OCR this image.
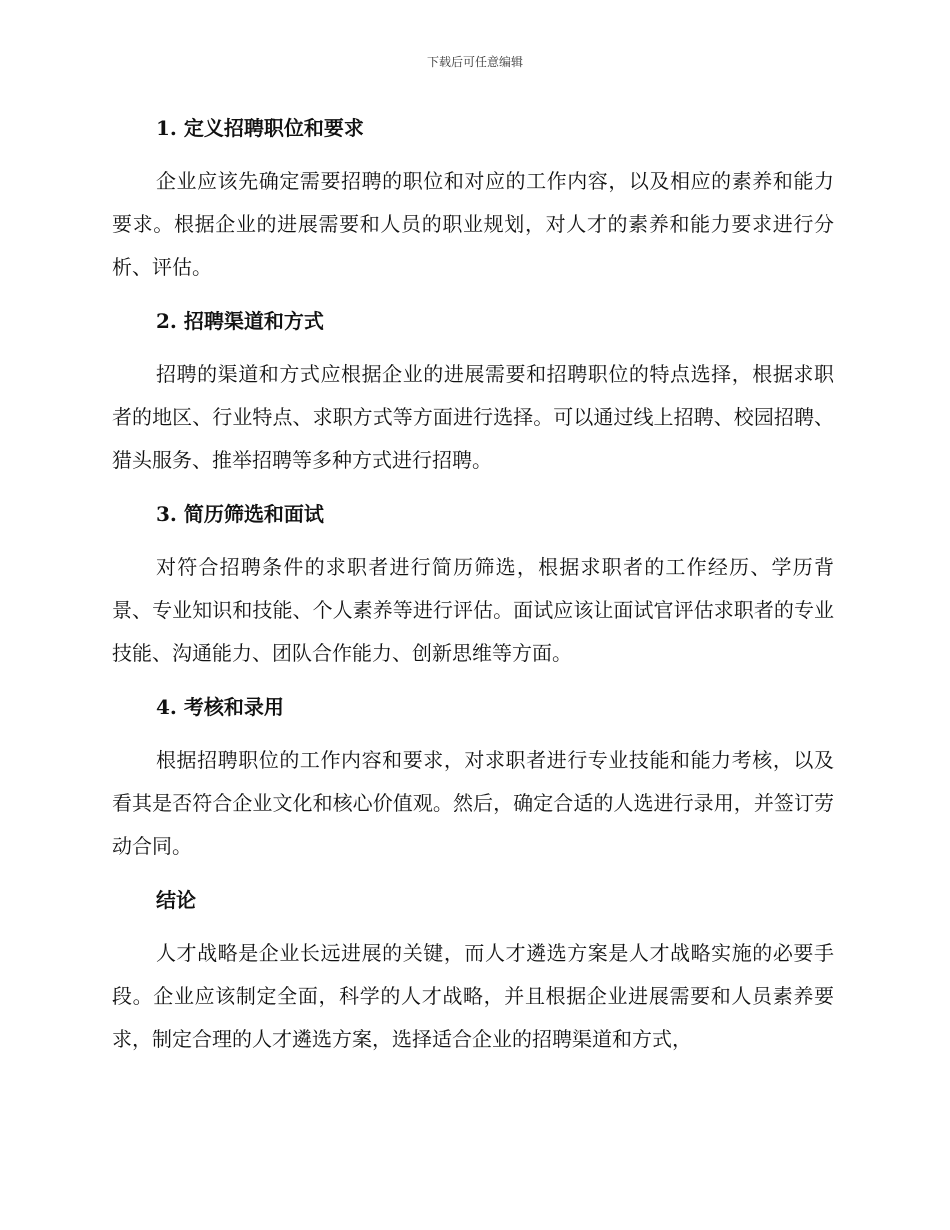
下载后可任意编辑
1. 定义招聘职位和要求

企业应该先确定需要招聘的职位和对应的工作内容，以及相应的素养和能力要求。根据企业的进展需要和人员的职业规划，对人才的素养和能力要求进行分析、评估。

2. 招聘渠道和方式

招聘的渠道和方式应根据企业的进展需要和招聘职位的特点选择，根据求职者的地区、行业特点、求职方式等方面进行选择。可以通过线上招聘、校园招聘、猎头服务、推举招聘等多种方式进行招聘。

3. 简历筛选和面试

对符合招聘条件的求职者进行简历筛选，根据求职者的工作经历、学历背景、专业知识和技能、个人素养等进行评估。面试应该让面试官评估求职者的专业技能、沟通能力、团队合作能力、创新思维等方面。

4. 考核和录用

根据招聘职位的工作内容和要求，对求职者进行专业技能和能力考核，以及看其是否符合企业文化和核心价值观。然后，确定合适的人选进行录用，并签订劳动合同。

结论

人才战略是企业长远进展的关键，而人才遴选方案是人才战略实施的必要手段。企业应该制定全面，科学的人才战略，并且根据企业进展需要和人员素养要求，制定合理的人才遴选方案，选择适合企业的招聘渠道和方式，
